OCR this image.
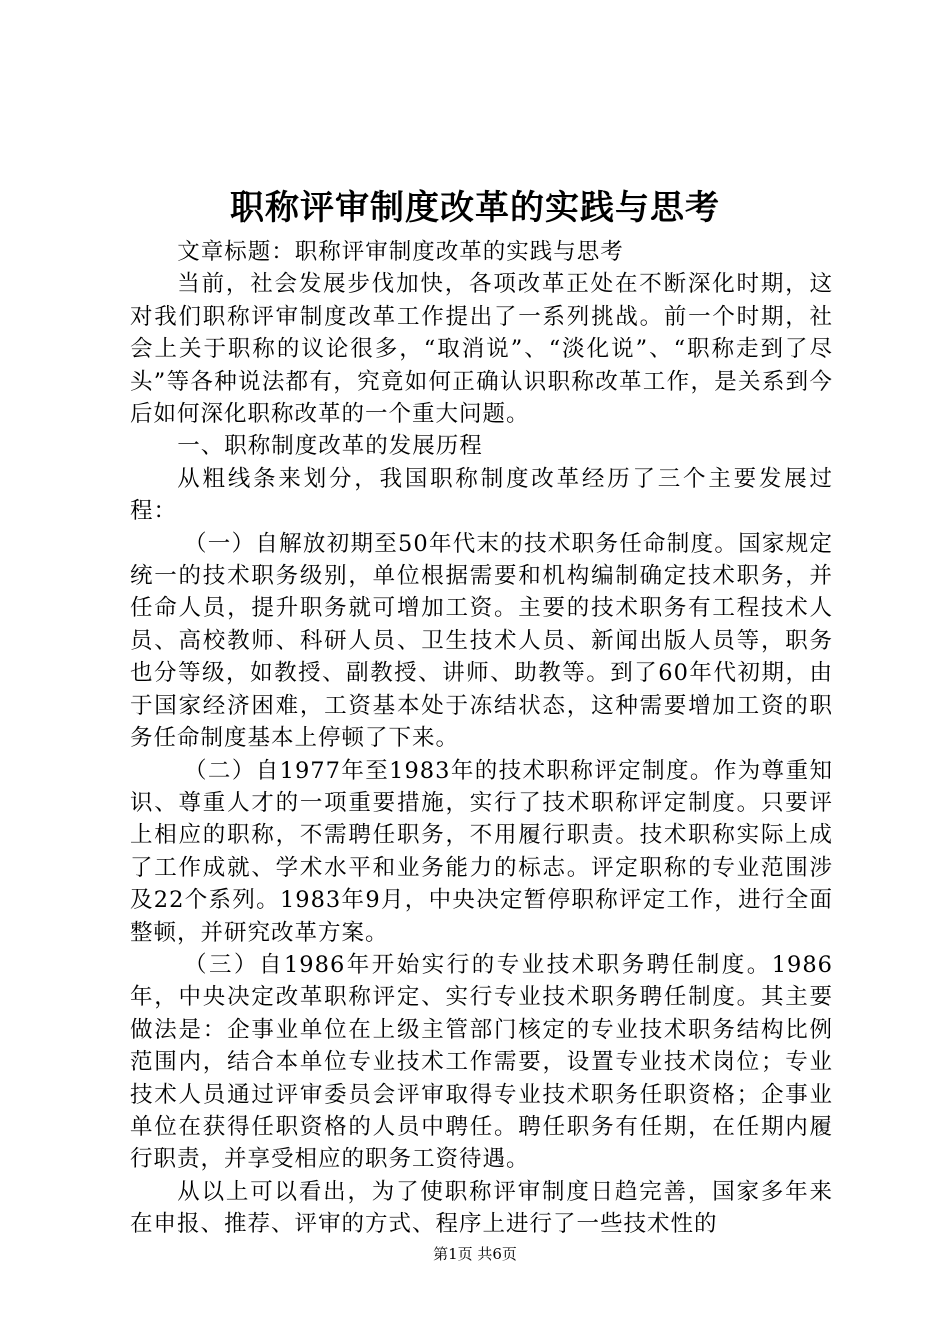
职称评审制度改革的实践与思考

文章标题：职称评审制度改革的实践与思考

当前，社会发展步伐加快，各项改革正处在不断深化时期，这对我们职称评审制度改革工作提出了一系列挑战。前一个时期，社会上关于职称的议论很多，“取消说”、“淡化说”、“职称走到了尽头”等各种说法都有，究竟如何正确认识职称改革工作，是关系到今后如何深化职称改革的一个重大问题。

一、职称制度改革的发展历程

从粗线条来划分，我国职称制度改革经历了三个主要发展过程：

（一）自解放初期至50年代末的技术职务任命制度。国家规定统一的技术职务级别，单位根据需要和机构编制确定技术职务，并任命人员，提升职务就可增加工资。主要的技术职务有工程技术人员、高校教师、科研人员、卫生技术人员、新闻出版人员等，职务也分等级，如教授、副教授、讲师、助教等。到了60年代初期，由于国家经济困难，工资基本处于冻结状态，这种需要增加工资的职务任命制度基本上停顿了下来。

（二）自1977年至1983年的技术职称评定制度。作为尊重知识、尊重人才的一项重要措施，实行了技术职称评定制度。只要评上相应的职称，不需聘任职务，不用履行职责。技术职称实际上成了工作成就、学术水平和业务能力的标志。评定职称的专业范围涉及22个系列。1983年9月，中央决定暂停职称评定工作，进行全面整顿，并研究改革方案。

（三）自1986年开始实行的专业技术职务聘任制度。1986年，中央决定改革职称评定、实行专业技术职务聘任制度。其主要做法是：企事业单位在上级主管部门核定的专业技术职务结构比例范围内，结合本单位专业技术工作需要，设置专业技术岗位；专业技术人员通过评审委员会评审取得专业技术职务任职资格；企事业单位在获得任职资格的人员中聘任。聘任职务有任期，在任期内履行职责，并享受相应的职务工资待遇。

从以上可以看出，为了使职称评审制度日趋完善，国家多年来在申报、推荐、评审的方式、程序上进行了一些技术性的

第1页 共6页
